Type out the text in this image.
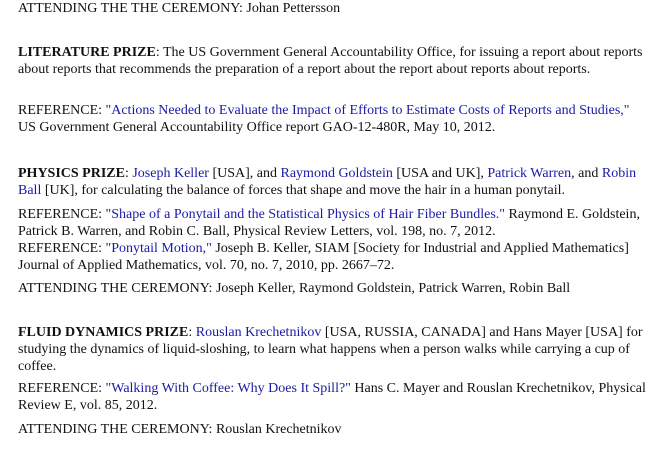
ATTENDING THE THE CEREMONY: Johan Pettersson

LITERATURE PRIZE: The US Government General Accountability Office, for issuing a report about reports about reports that recommends the preparation of a report about the report about reports about reports.

REFERENCE: "Actions Needed to Evaluate the Impact of Efforts to Estimate Costs of Reports and Studies," US Government General Accountability Office report GAO-12-480R, May 10, 2012.

PHYSICS PRIZE: Joseph Keller [USA], and Raymond Goldstein [USA and UK], Patrick Warren, and Robin Ball [UK], for calculating the balance of forces that shape and move the hair in a human ponytail.

REFERENCE: "Shape of a Ponytail and the Statistical Physics of Hair Fiber Bundles." Raymond E. Goldstein, Patrick B. Warren, and Robin C. Ball, Physical Review Letters, vol. 198, no. 7, 2012.

REFERENCE: "Ponytail Motion," Joseph B. Keller, SIAM [Society for Industrial and Applied Mathematics] Journal of Applied Mathematics, vol. 70, no. 7, 2010, pp. 2667–72.

ATTENDING THE CEREMONY: Joseph Keller, Raymond Goldstein, Patrick Warren, Robin Ball

FLUID DYNAMICS PRIZE: Rouslan Krechetnikov [USA, RUSSIA, CANADA] and Hans Mayer [USA] for studying the dynamics of liquid-sloshing, to learn what happens when a person walks while carrying a cup of coffee.

REFERENCE: "Walking With Coffee: Why Does It Spill?" Hans C. Mayer and Rouslan Krechetnikov, Physical Review E, vol. 85, 2012.

ATTENDING THE CEREMONY: Rouslan Krechetnikov
